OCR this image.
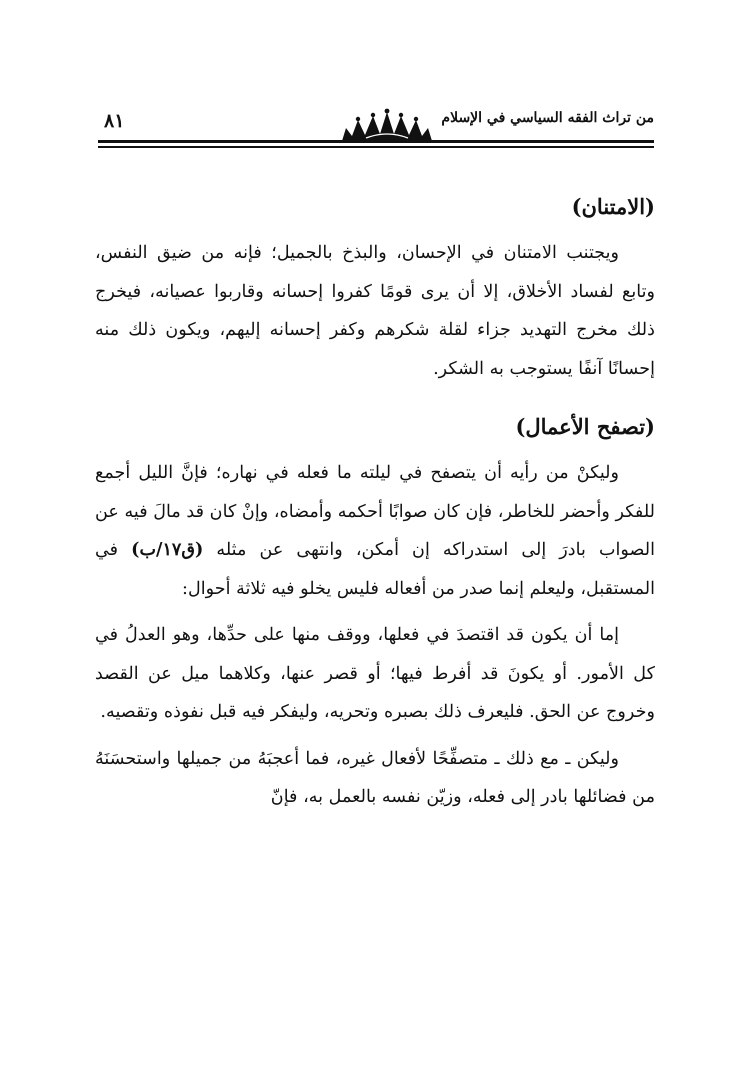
٨١	من تراث الفقه السياسي في الإسلام
(الامتنان)

ويجتنب الامتنان في الإحسان، والبذخ بالجميل؛ فإنه من ضيق النفس، وتابع لفساد الأخلاق، إلا أن يرى قومًا كفروا إحسانه وقاربوا عصيانه، فيخرج ذلك مخرج التهديد جزاء لقلة شكرهم وكفر إحسانه إليهم، ويكون ذلك منه إحسانًا آنفًا يستوجب به الشكر.

(تصفح الأعمال)

وليكنْ من رأيه أن يتصفح في ليلته ما فعله في نهاره؛ فإنَّ الليل أجمع للفكر وأحضر للخاطر، فإن كان صوابًا أحكمه وأمضاه، وإنْ كان قد مالَ فيه عن الصواب بادرَ إلى استدراكه إن أمكن، وانتهى عن مثله (ق١٧/ب) في المستقبل، وليعلم إنما صدر من أفعاله فليس يخلو فيه ثلاثة أحوال:

إما أن يكون قد اقتصدَ في فعلها، ووقف منها على حدِّها، وهو العدلُ في كل الأمور. أو يكونَ قد أفرط فيها؛ أو قصر عنها، وكلاهما ميل عن القصد وخروج عن الحق. فليعرف ذلك بصبره وتحريه، وليفكر فيه قبل نفوذه وتقصيه.

وليكن ـ مع ذلك ـ متصفِّحًا لأفعال غيره، فما أعجبَهُ من جميلها واستحسَنَهُ من فضائلها بادر إلى فعله، وزيّن نفسه بالعمل به، فإنّ
